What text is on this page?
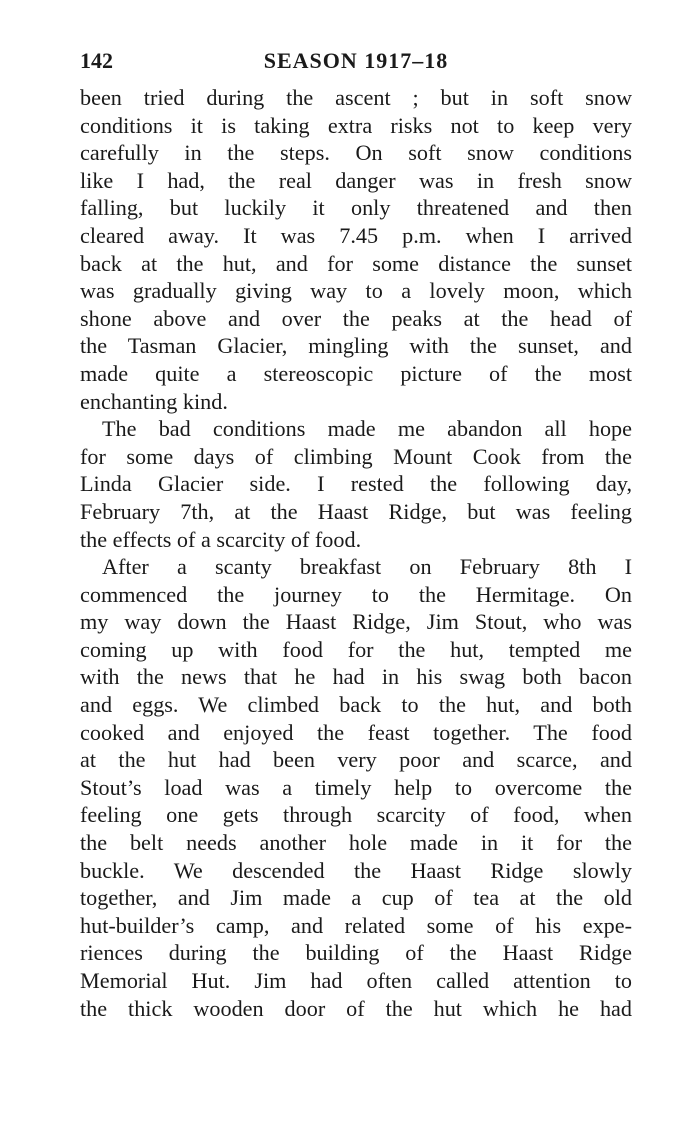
142	SEASON 1917–18
been tried during the ascent ; but in soft snow
conditions it is taking extra risks not to keep very
carefully in the steps. On soft snow conditions
like I had, the real danger was in fresh snow
falling, but luckily it only threatened and then
cleared away. It was 7.45 p.m. when I arrived
back at the hut, and for some distance the sunset
was gradually giving way to a lovely moon, which
shone above and over the peaks at the head of
the Tasman Glacier, mingling with the sunset, and
made quite a stereoscopic picture of the most
enchanting kind.
The bad conditions made me abandon all hope
for some days of climbing Mount Cook from the
Linda Glacier side. I rested the following day,
February 7th, at the Haast Ridge, but was feeling
the effects of a scarcity of food.
After a scanty breakfast on February 8th I
commenced the journey to the Hermitage. On
my way down the Haast Ridge, Jim Stout, who was
coming up with food for the hut, tempted me
with the news that he had in his swag both bacon
and eggs. We climbed back to the hut, and both
cooked and enjoyed the feast together. The food
at the hut had been very poor and scarce, and
Stout’s load was a timely help to overcome the
feeling one gets through scarcity of food, when
the belt needs another hole made in it for the
buckle. We descended the Haast Ridge slowly
together, and Jim made a cup of tea at the old
hut-builder’s camp, and related some of his expe-
riences during the building of the Haast Ridge
Memorial Hut. Jim had often called attention to
the thick wooden door of the hut which he had
